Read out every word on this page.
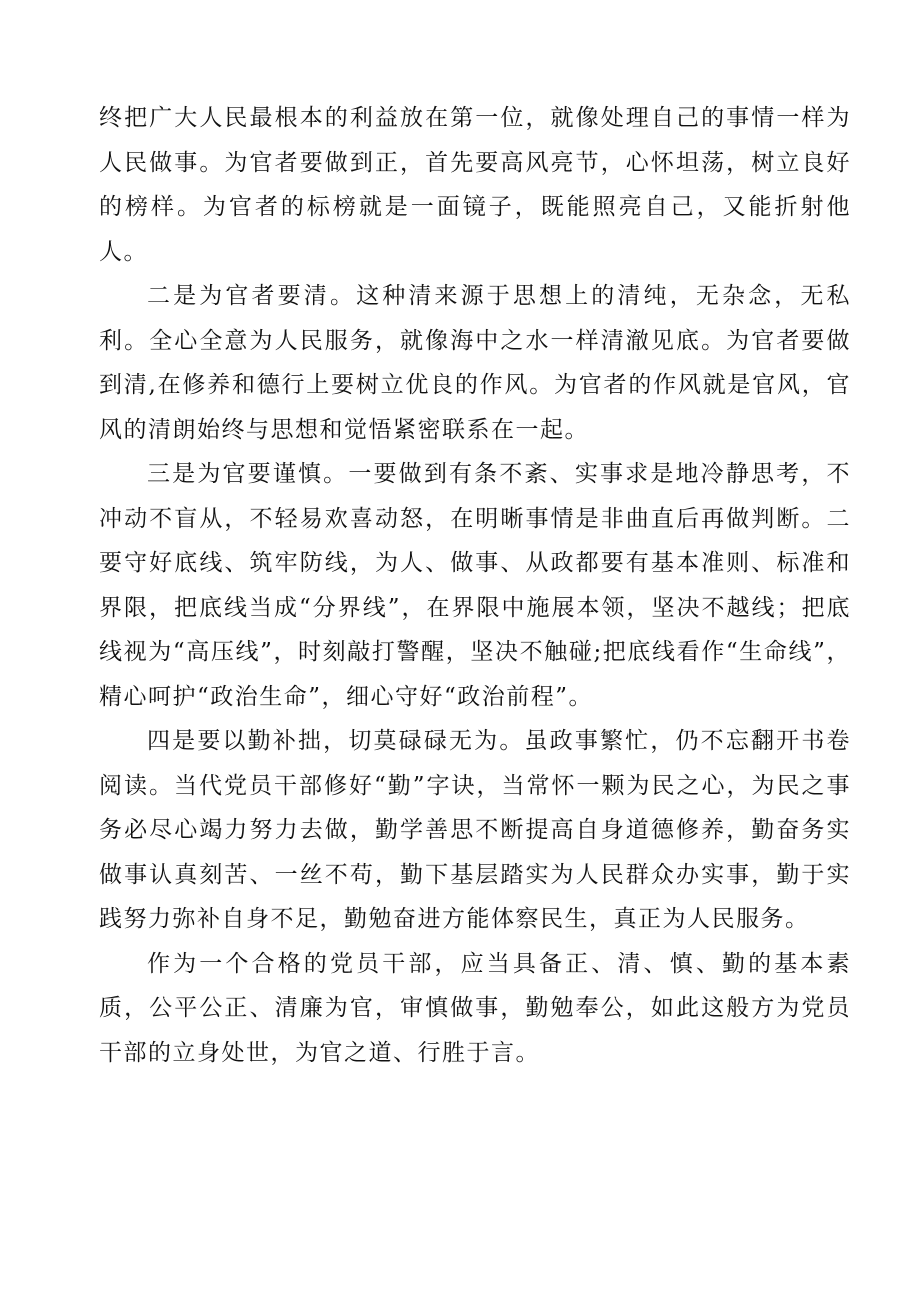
终把广大人民最根本的利益放在第一位，就像处理自己的事情一样为人民做事。为官者要做到正，首先要高风亮节，心怀坦荡，树立良好的榜样。为官者的标榜就是一面镜子，既能照亮自己，又能折射他人。

二是为官者要清。这种清来源于思想上的清纯，无杂念，无私利。全心全意为人民服务，就像海中之水一样清澈见底。为官者要做到清,在修养和德行上要树立优良的作风。为官者的作风就是官风，官风的清朗始终与思想和觉悟紧密联系在一起。

三是为官要谨慎。一要做到有条不紊、实事求是地冷静思考，不冲动不盲从，不轻易欢喜动怒，在明晰事情是非曲直后再做判断。二要守好底线、筑牢防线，为人、做事、从政都要有基本准则、标准和界限，把底线当成“分界线”，在界限中施展本领，坚决不越线；把底线视为“高压线”，时刻敲打警醒，坚决不触碰;把底线看作“生命线”，精心呵护“政治生命”，细心守好“政治前程”。

四是要以勤补拙，切莫碌碌无为。虽政事繁忙，仍不忘翻开书卷阅读。当代党员干部修好“勤”字诀，当常怀一颗为民之心，为民之事务必尽心竭力努力去做，勤学善思不断提高自身道德修养，勤奋务实做事认真刻苦、一丝不苟，勤下基层踏实为人民群众办实事，勤于实践努力弥补自身不足，勤勉奋进方能体察民生，真正为人民服务。

作为一个合格的党员干部，应当具备正、清、慎、勤的基本素质，公平公正、清廉为官，审慎做事，勤勉奉公，如此这般方为党员干部的立身处世，为官之道、行胜于言。
